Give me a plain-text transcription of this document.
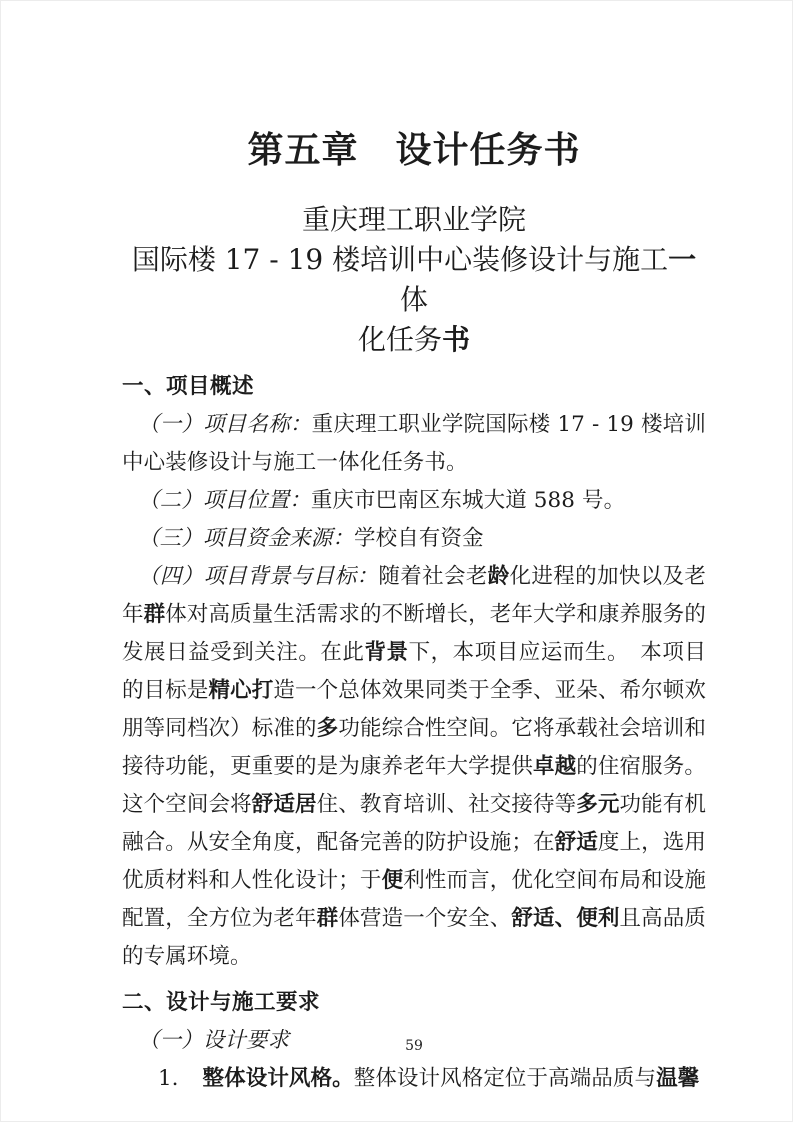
第五章　设计任务书
重庆理工职业学院
国际楼 17 - 19 楼培训中心装修设计与施工一体
化任务书
一、项目概述

（一）项目名称：重庆理工职业学院国际楼 17 - 19 楼培训中心装修设计与施工一体化任务书。

（二）项目位置：重庆市巴南区东城大道 588 号。

（三）项目资金来源：学校自有资金

（四）项目背景与目标：随着社会老龄化进程的加快以及老年群体对高质量生活需求的不断增长，老年大学和康养服务的发展日益受到关注。在此背景下，本项目应运而生。　本项目的目标是精心打造一个总体效果同类于全季、亚朵、希尔顿欢朋等同档次）标准的多功能综合性空间。它将承载社会培训和接待功能，更重要的是为康养老年大学提供卓越的住宿服务。这个空间会将舒适居住、教育培训、社交接待等多元功能有机融合。从安全角度，配备完善的防护设施；在舒适度上，选用优质材料和人性化设计；于便利性而言，优化空间布局和设施配置，全方位为老年群体营造一个安全、舒适、便利且高品质的专属环境。

二、设计与施工要求

（一）设计要求

1. 整体设计风格。整体设计风格定位于高端品质与温馨

59
